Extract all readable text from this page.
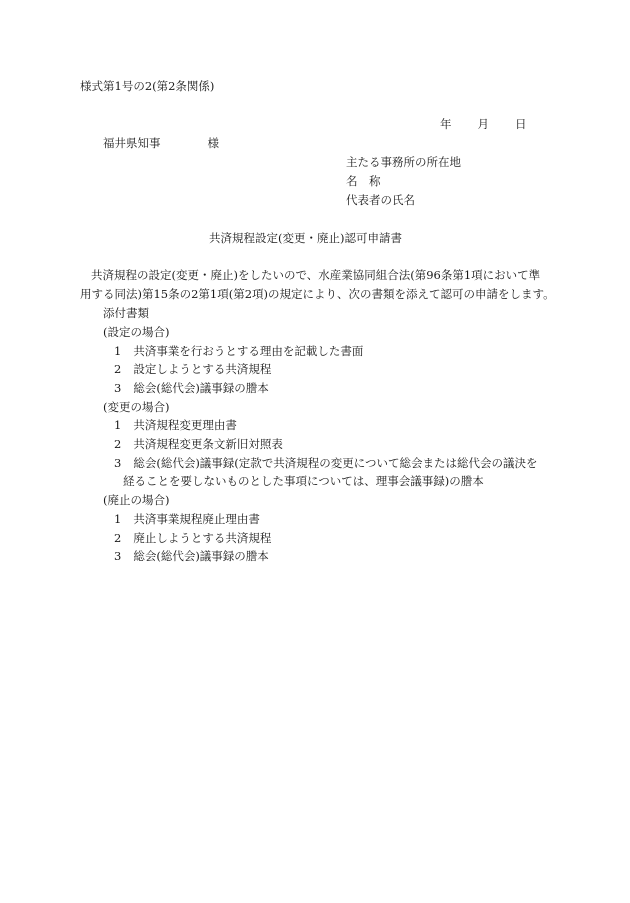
様式第1号の2(第2条関係)
年 月 日
福井県知事	様
主たる事務所の所在地
名　称
代表者の氏名
共済規程設定(変更・廃止)認可申請書
共済規程の設定(変更・廃止)をしたいので、水産業協同組合法(第96条第1項において準
用する同法)第15条の2第1項(第2項)の規定により、次の書類を添えて認可の申請をします。
添付書類
(設定の場合)
1 共済事業を行おうとする理由を記載した書面
2 設定しようとする共済規程
3 総会(総代会)議事録の謄本
(変更の場合)
1 共済規程変更理由書
2 共済規程変更条文新旧対照表
3 総会(総代会)議事録(定款で共済規程の変更について総会または総代会の議決を
経ることを要しないものとした事項については、理事会議事録)の謄本
(廃止の場合)
1 共済事業規程廃止理由書
2 廃止しようとする共済規程
3 総会(総代会)議事録の謄本
